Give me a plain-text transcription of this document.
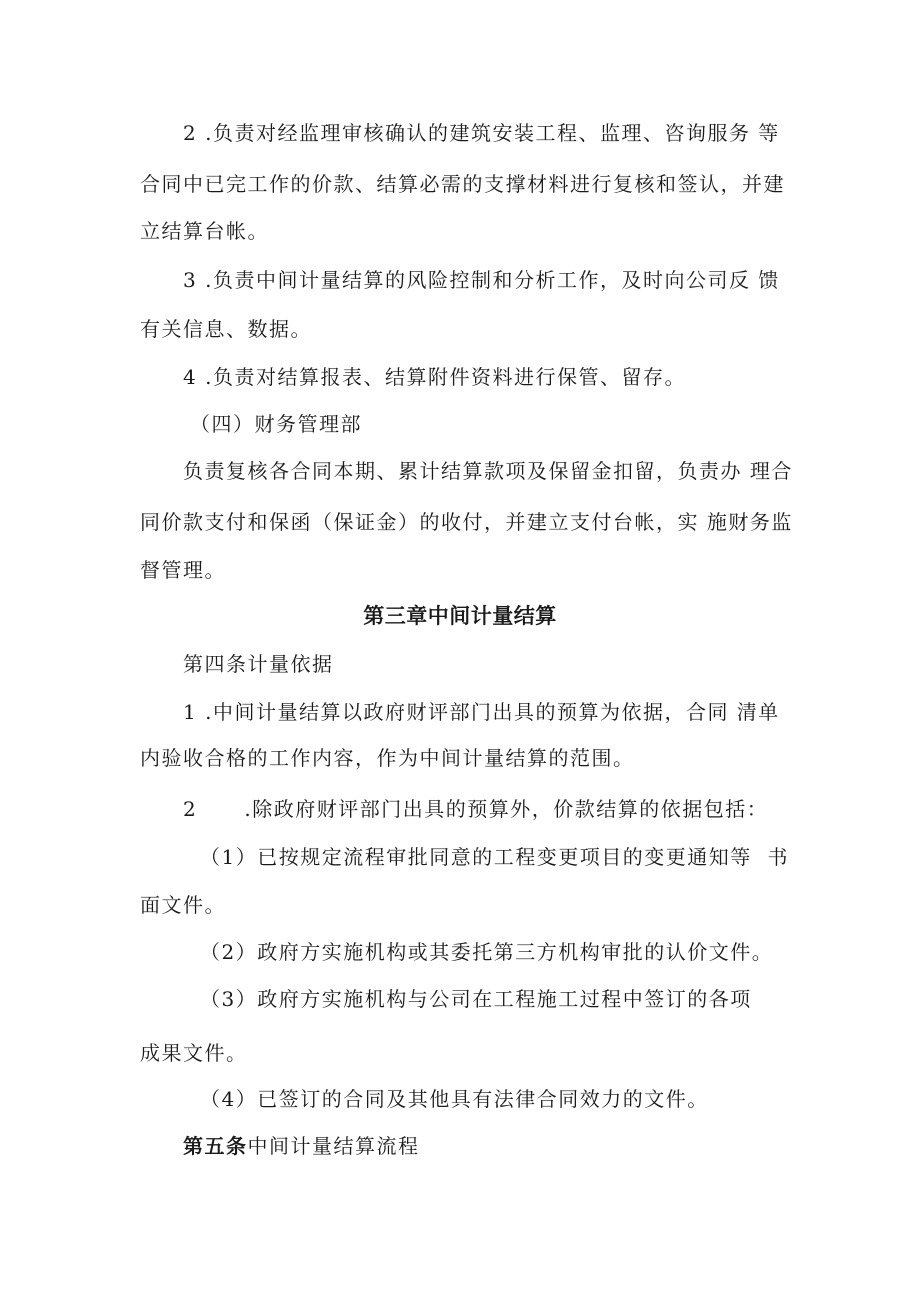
2 .负责对经监理审核确认的建筑安装工程、监理、咨询服务 等
合同中已完工作的价款、结算必需的支撑材料进行复核和签认，并建
立结算台帐。
3 .负责中间计量结算的风险控制和分析工作，及时向公司反 馈
有关信息、数据。
4 .负责对结算报表、结算附件资料进行保管、留存。
（四）财务管理部
负责复核各合同本期、累计结算款项及保留金扣留，负责办 理合
同价款支付和保函（保证金）的收付，并建立支付台帐，实 施财务监
督管理。
第三章中间计量结算
第四条计量依据
1 .中间计量结算以政府财评部门出具的预算为依据，合同 清单
内验收合格的工作内容，作为中间计量结算的范围。
2      .除政府财评部门出具的预算外，价款结算的依据包括：
（1）已按规定流程审批同意的工程变更项目的变更通知等  书
面文件。
（2）政府方实施机构或其委托第三方机构审批的认价文件。
（3）政府方实施机构与公司在工程施工过程中签订的各项
成果文件。
（4）已签订的合同及其他具有法律合同效力的文件。
第五条中间计量结算流程
